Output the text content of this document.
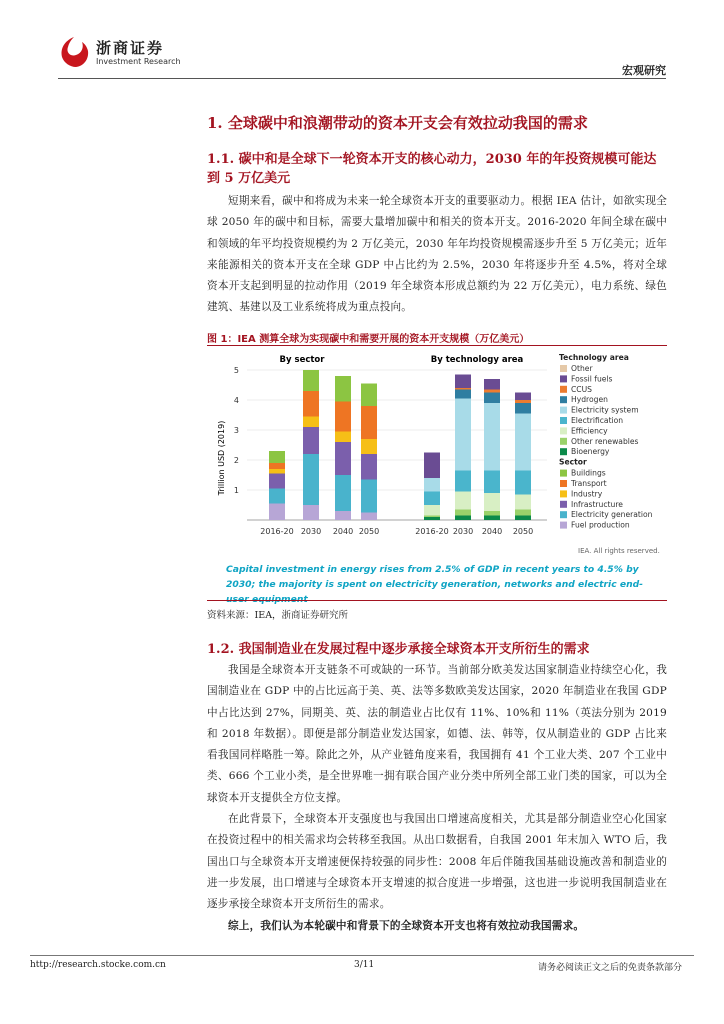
浙商证券
Investment Research
宏观研究
1. 全球碳中和浪潮带动的资本开支会有效拉动我国的需求
1.1. 碳中和是全球下一轮资本开支的核心动力，2030 年的年投资规模可能达到 5 万亿美元

短期来看，碳中和将成为未来一轮全球资本开支的重要驱动力。根据 IEA 估计，如欲实现全球 2050 年的碳中和目标，需要大量增加碳中和相关的资本开支。2016-2020 年间全球在碳中和领域的年平均投资规模约为 2 万亿美元，2030 年年均投资规模需逐步升至 5 万亿美元；近年来能源相关的资本开支在全球 GDP 中占比约为 2.5%，2030 年将逐步升至 4.5%，将对全球资本开支起到明显的拉动作用（2019 年全球资本形成总额约为 22 万亿美元），电力系统、绿色建筑、基建以及工业系统将成为重点投向。

图 1：IEA 测算全球为实现碳中和需要开展的资本开支规模（万亿美元）
By sector	By technology area
Trillion USD (2019) 1
2
3
4
5
2016-20 2030 2040 2050	2016-20 2030 2040 2050
Technology area
Other
Fossil fuels
CCUS
Hydrogen
Electricity system
Electrification
Efficiency
Other renewables
Bioenergy
Sector
Buildings
Transport
Industry
Infrastructure
Electricity generation
Fuel production
IEA. All rights reserved.
Capital investment in energy rises from 2.5% of GDP in recent years to 4.5% by 2030; the majority is spent on electricity generation, networks and electric end-
资料来源：IEA，浙商证券研究所
1.2. 我国制造业在发展过程中逐步承接全球资本开支所衍生的需求

我国是全球资本开支链条不可或缺的一环节。当前部分欧美发达国家制造业持续空心化，我国制造业在 GDP 中的占比远高于美、英、法等多数欧美发达国家，2020 年制造业在我国 GDP 中占比达到 27%，同期美、英、法的制造业占比仅有 11%、10%和 11%（英法分别为 2019 和 2018 年数据）。即便是部分制造业发达国家，如德、法、韩等，仅从制造业的 GDP 占比来看我国同样略胜一筹。除此之外，从产业链角度来看，我国拥有 41 个工业大类、207 个工业中类、666 个工业小类，是全世界唯一拥有联合国产业分类中所列全部工业门类的国家，可以为全球资本开支提供全方位支撑。

在此背景下，全球资本开支强度也与我国出口增速高度相关，尤其是部分制造业空心化国家在投资过程中的相关需求均会转移至我国。从出口数据看，自我国 2001 年末加入 WTO 后，我国出口与全球资本开支增速便保持较强的同步性：2008 年后伴随我国基础设施改善和制造业的进一步发展，出口增速与全球资本开支增速的拟合度进一步增强，这也进一步说明我国制造业在逐步承接全球资本开支所衍生的需求。

综上，我们认为本轮碳中和背景下的全球资本开支也将有效拉动我国需求。

http://research.stocke.com.cn	3/11	请务必阅读正文之后的免责条款部分
